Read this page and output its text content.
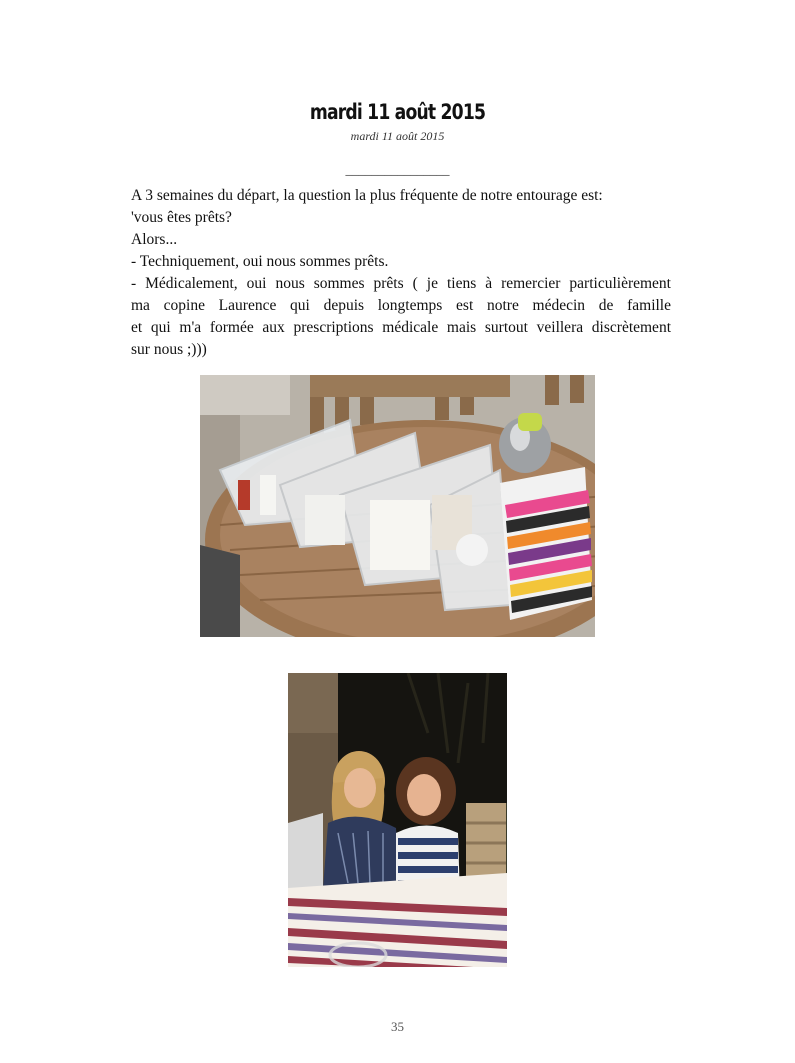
mardi 11 août 2015
mardi 11 août 2015
________________

A 3 semaines du départ, la question la plus fréquente de notre entourage est:

'vous êtes prêts?

Alors...

- Techniquement, oui nous sommes prêts.

- Médicalement, oui nous sommes prêts ( je tiens à remercier particulièrement

ma copine Laurence qui depuis longtemps est notre médecin de famille

et qui m'a formée aux prescriptions médicale mais surtout veillera discrètement

sur nous ;)))

35
